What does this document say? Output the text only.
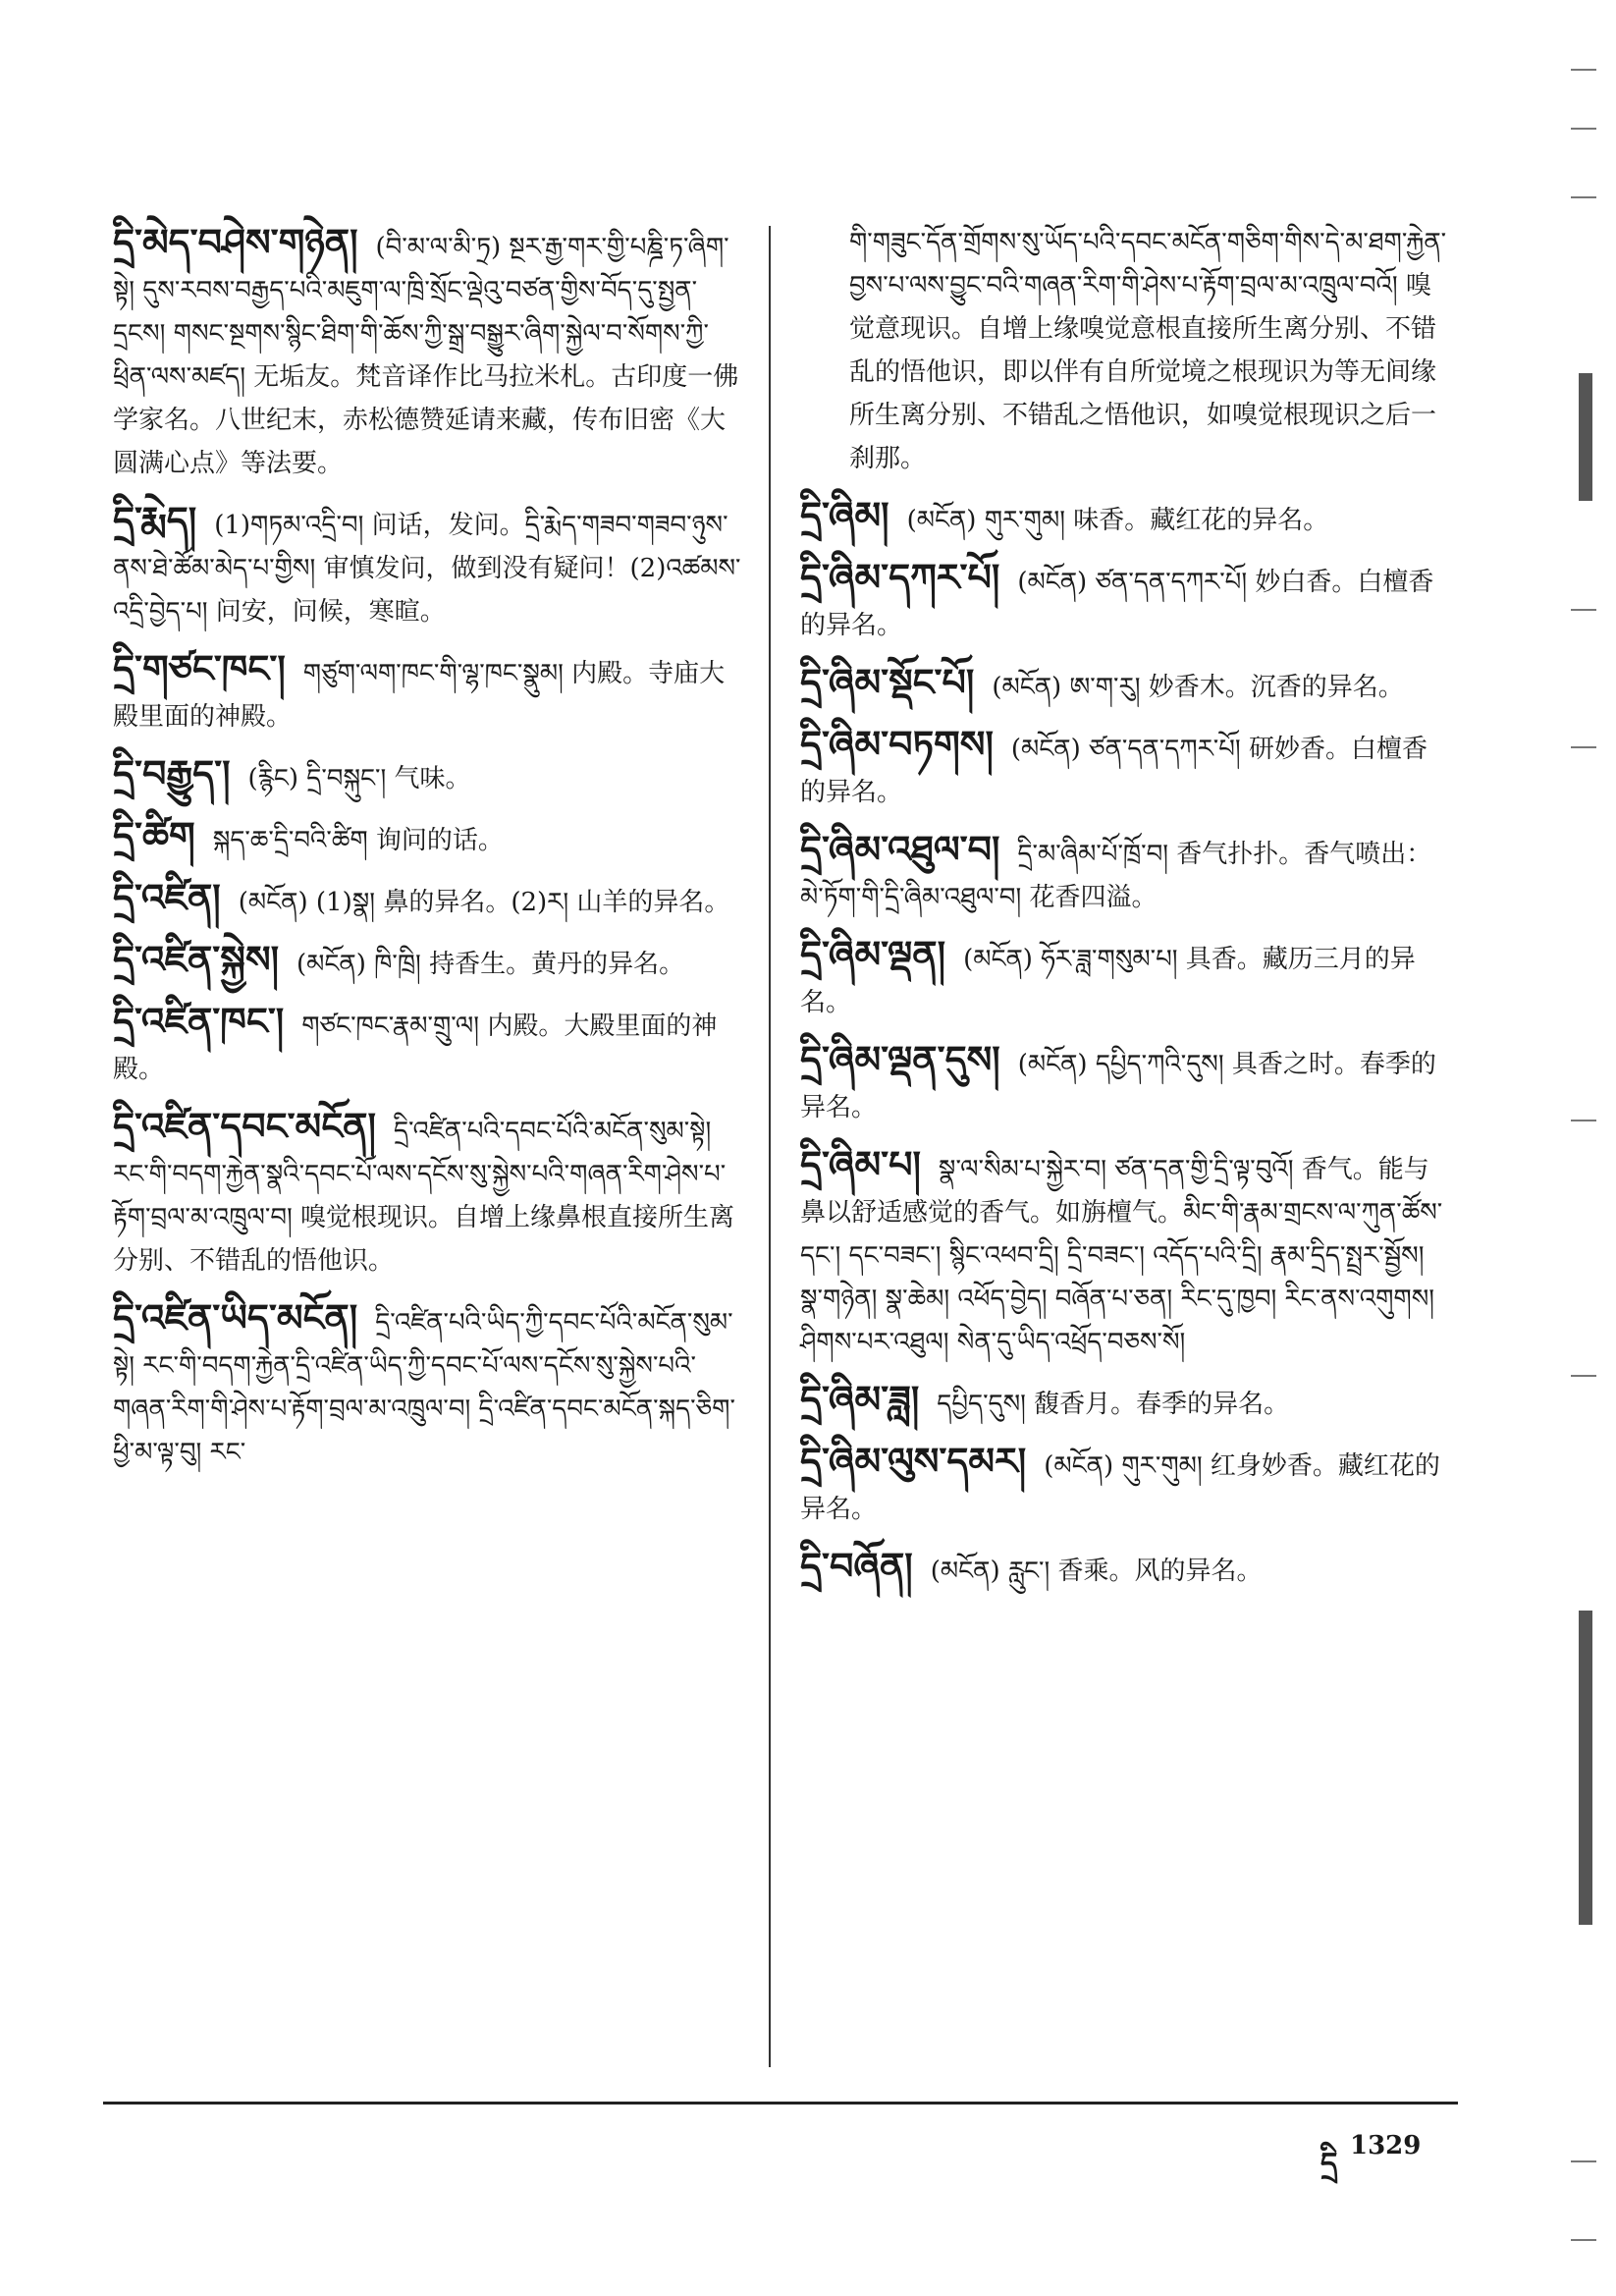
དྲི་མེད་བཤེས་གཉེན། (བི་མ་ལ་མི་ཏྲ) སྔར་རྒྱ་གར་གྱི་པཎྜི་ཏ་ཞིག་སྟེ། དུས་རབས་བརྒྱད་པའི་མཇུག་ལ་ཁྲི་སྲོང་ལྡེའུ་བཙན་གྱིས་བོད་དུ་སྤྱན་དྲངས། གསང་སྔགས་སྙིང་ཐིག་གི་ཆོས་ཀྱི་སྒྲ་བསྒྱུར་ཞིག་སྐྱེལ་བ་སོགས་ཀྱི་ཕྲིན་ལས་མཛད། 无垢友。梵音译作比马拉米札。古印度一佛学家名。八世纪末，赤松德赞延请来藏，传布旧密《大圆满心点》等法要。
དྲི་རྨེད། (1)གཏམ་འདྲི་བ། 问话，发问。དྲི་རྨེད་གཟབ་གཟབ་ཉུས་ནས་ཐེ་ཚོམ་མེད་པ་གྱིས། 审慎发问，做到没有疑问！(2)འཚམས་འདྲི་བྱེད་པ། 问安，问候，寒暄。
དྲི་གཙང་ཁང་། གཙུག་ལག་ཁང་གི་ལྷ་ཁང་སྣུམ། 内殿。寺庙大殿里面的神殿。
དྲི་བརྒྱུད་། (རྙིང) དྲི་བསྐུང་། 气味。
དྲི་ཚིག སྐད་ཆ་དྲི་བའི་ཚིག 询问的话。
དྲི་འཛིན། (མངོན) (1)སྣ། 鼻的异名。(2)ར། 山羊的异名。
དྲི་འཛིན་སྐྱེས། (མངོན) ཁི་ཁྲི། 持香生。黄丹的异名。
དྲི་འཛིན་ཁང་། གཙང་ཁང་རྣམ་གྲུ་ལ། 内殿。大殿里面的神殿。
དྲི་འཛིན་དབང་མངོན། དྲི་འཛིན་པའི་དབང་པོའི་མངོན་སུམ་སྟེ། རང་གི་བདག་རྐྱེན་སྣའི་དབང་པོ་ལས་དངོས་སུ་སྐྱེས་པའི་གཞན་རིག་ཤེས་པ་རྟོག་བྲལ་མ་འཁྲུལ་བ། 嗅觉根现识。自增上缘鼻根直接所生离分别、不错乱的悟他识。
དྲི་འཛིན་ཡིད་མངོན། དྲི་འཛིན་པའི་ཡིད་ཀྱི་དབང་པོའི་མངོན་སུམ་སྟེ། རང་གི་བདག་རྐྱེན་དྲི་འཛིན་ཡིད་ཀྱི་དབང་པོ་ལས་དངོས་སུ་སྐྱེས་པའི་གཞན་རིག་གི་ཤེས་པ་རྟོག་བྲལ་མ་འཁྲུལ་བ། དྲི་འཛིན་དབང་མངོན་སྐད་ཅིག་ཕྱི་མ་ལྟ་བུ། རང་
གི་གཟུང་དོན་གྲོགས་སུ་ཡོད་པའི་དབང་མངོན་གཅིག་གིས་དེ་མ་ཐག་རྐྱེན་བྱས་པ་ལས་བྱུང་བའི་གཞན་རིག་གི་ཤེས་པ་རྟོག་བྲལ་མ་འཁྲུལ་བའོ། 嗅觉意现识。自增上缘嗅觉意根直接所生离分别、不错乱的悟他识，即以伴有自所觉境之根现识为等无间缘所生离分别、不错乱之悟他识，如嗅觉根现识之后一刹那。
དྲི་ཞིམ། (མངོན) གུར་གུམ། 味香。藏红花的异名。
དྲི་ཞིམ་དཀར་པོ། (མངོན) ཙན་དན་དཀར་པོ། 妙白香。白檀香的异名。
དྲི་ཞིམ་སྡོང་པོ། (མངོན) ཨ་ག་རུ། 妙香木。沉香的异名。
དྲི་ཞིམ་བཏགས། (མངོན) ཙན་དན་དཀར་པོ། 研妙香。白檀香的异名。
དྲི་ཞིམ་འཐུལ་བ། དྲི་མ་ཞིམ་པོ་ཁྲོ་བ། 香气扑扑。香气喷出：མེ་ཏོག་གི་དྲི་ཞིམ་འཐུལ་བ། 花香四溢。
དྲི་ཞིམ་ལྡན། (མངོན) ཧོར་ཟླ་གསུམ་པ། 具香。藏历三月的异名。
དྲི་ཞིམ་ལྡན་དུས། (མངོན) དཔྱིད་ཀའི་དུས། 具香之时。春季的异名。
དྲི་ཞིམ་པ། སྣ་ལ་སིམ་པ་སྐྱེར་བ། ཙན་དན་གྱི་དྲི་ལྟ་བུའོ། 香气。能与鼻以舒适感觉的香气。如旃檀气。མིང་གི་རྣམ་གྲངས་ལ་ཀུན་ཚོས་དང་། དང་བཟང་། སྙིང་འཕབ་དྲི། དྲི་བཟང་། འདོད་པའི་དྲི། རྣམ་དྲིད་སྤྲར་སྦྱོས། སྣ་གཉེན། སྣ་ཆེམ། འཕོད་བྱེད། བཞོན་པ་ཅན། རིང་དུ་ཁྱབ། རིང་ནས་འགུགས། ཤིགས་པར་འཐུལ། སེན་དུ་ཡིད་འཕྲོད་བཅས་སོ།
དྲི་ཞིམ་ཟླ། དཔྱིད་དུས། 馥香月。春季的异名。
དྲི་ཞིམ་ལུས་དམར། (མངོན) གུར་གུམ། 红身妙香。藏红花的异名。
དྲི་བཞོན། (མངོན) རླུང་། 香乘。风的异名。
དྲི
1329
